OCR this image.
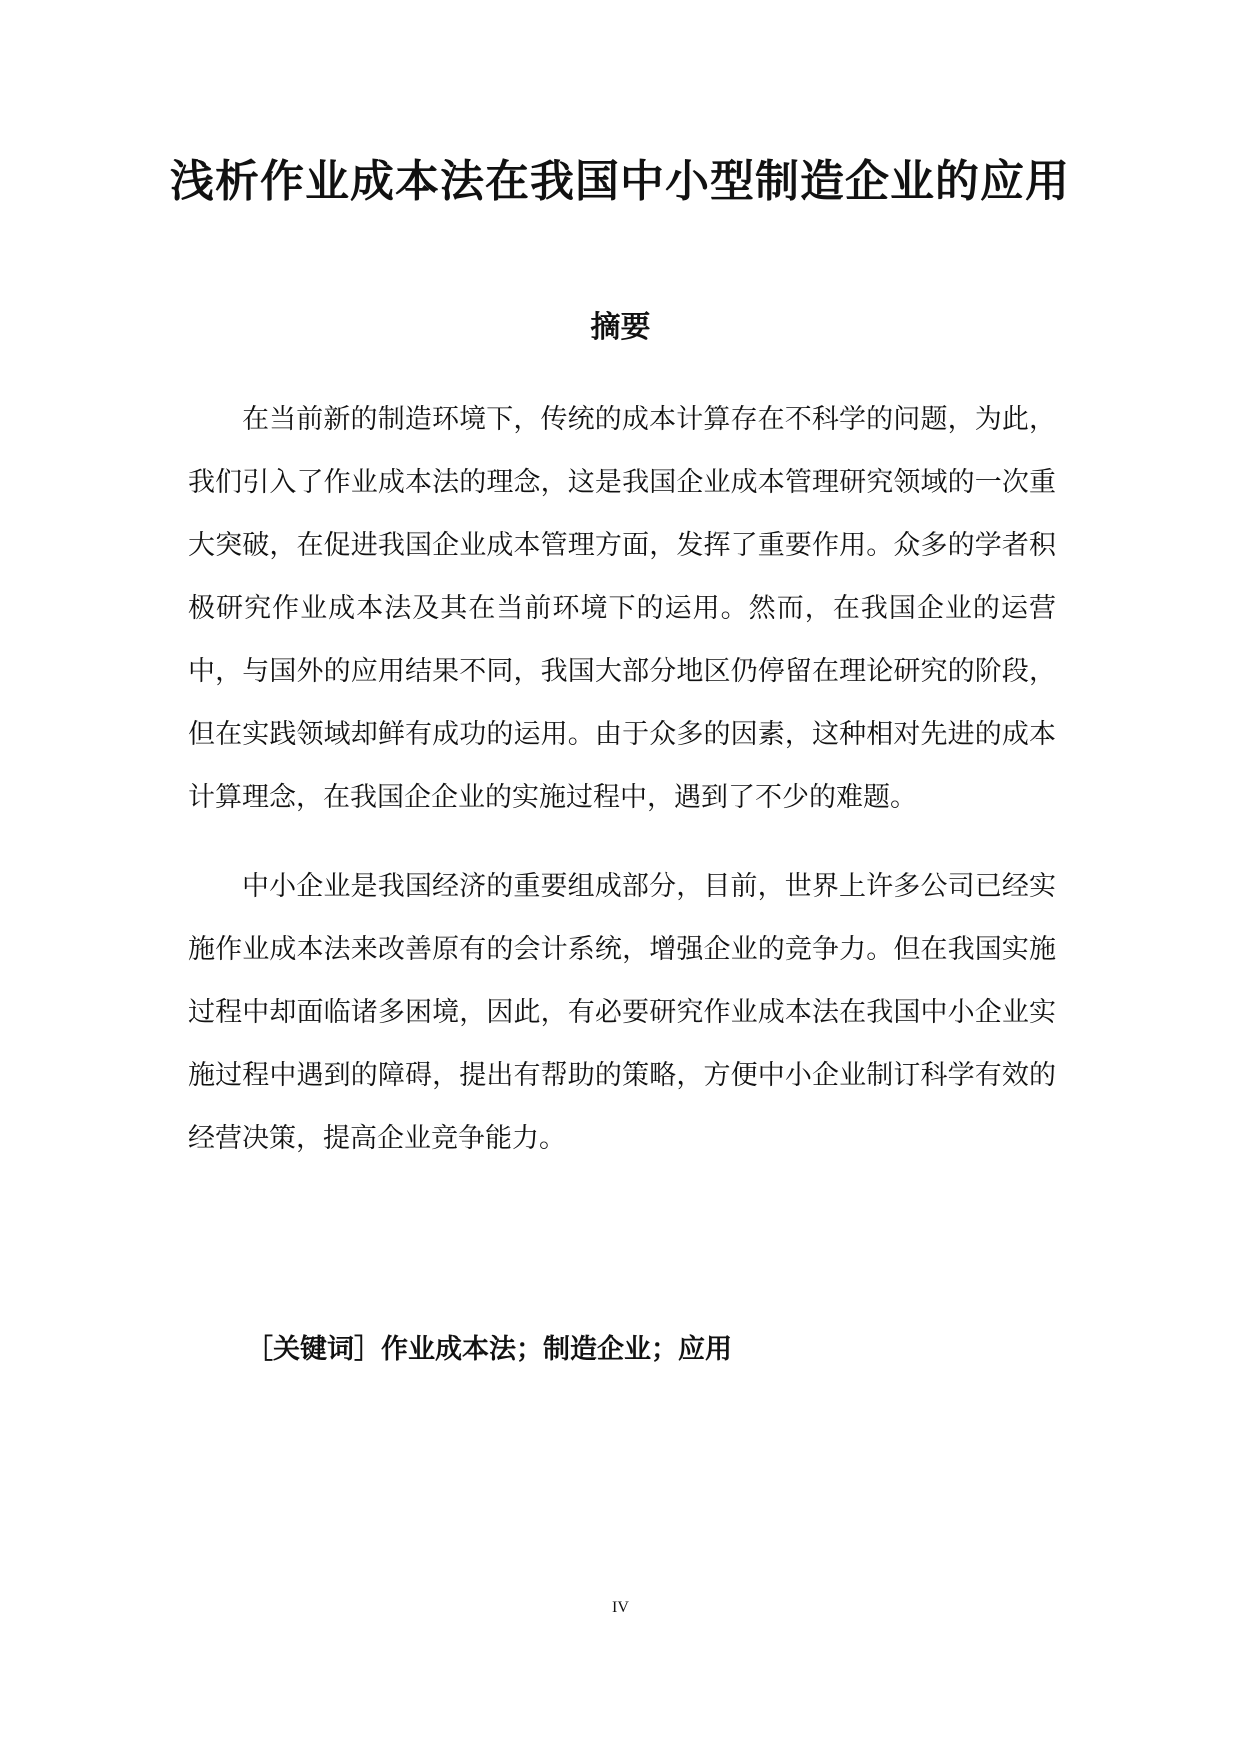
浅析作业成本法在我国中小型制造企业的应用
摘要

在当前新的制造环境下，传统的成本计算存在不科学的问题，为此，我们引入了作业成本法的理念，这是我国企业成本管理研究领域的一次重大突破，在促进我国企业成本管理方面，发挥了重要作用。众多的学者积极研究作业成本法及其在当前环境下的运用。然而，在我国企业的运营中，与国外的应用结果不同，我国大部分地区仍停留在理论研究的阶段，但在实践领域却鲜有成功的运用。由于众多的因素，这种相对先进的成本计算理念，在我国企企业的实施过程中，遇到了不少的难题。

中小企业是我国经济的重要组成部分，目前，世界上许多公司已经实施作业成本法来改善原有的会计系统，增强企业的竞争力。但在我国实施过程中却面临诸多困境，因此，有必要研究作业成本法在我国中小企业实施过程中遇到的障碍，提出有帮助的策略，方便中小企业制订科学有效的经营决策，提高企业竞争能力。

［关键词］作业成本法；制造企业；应用
IV
